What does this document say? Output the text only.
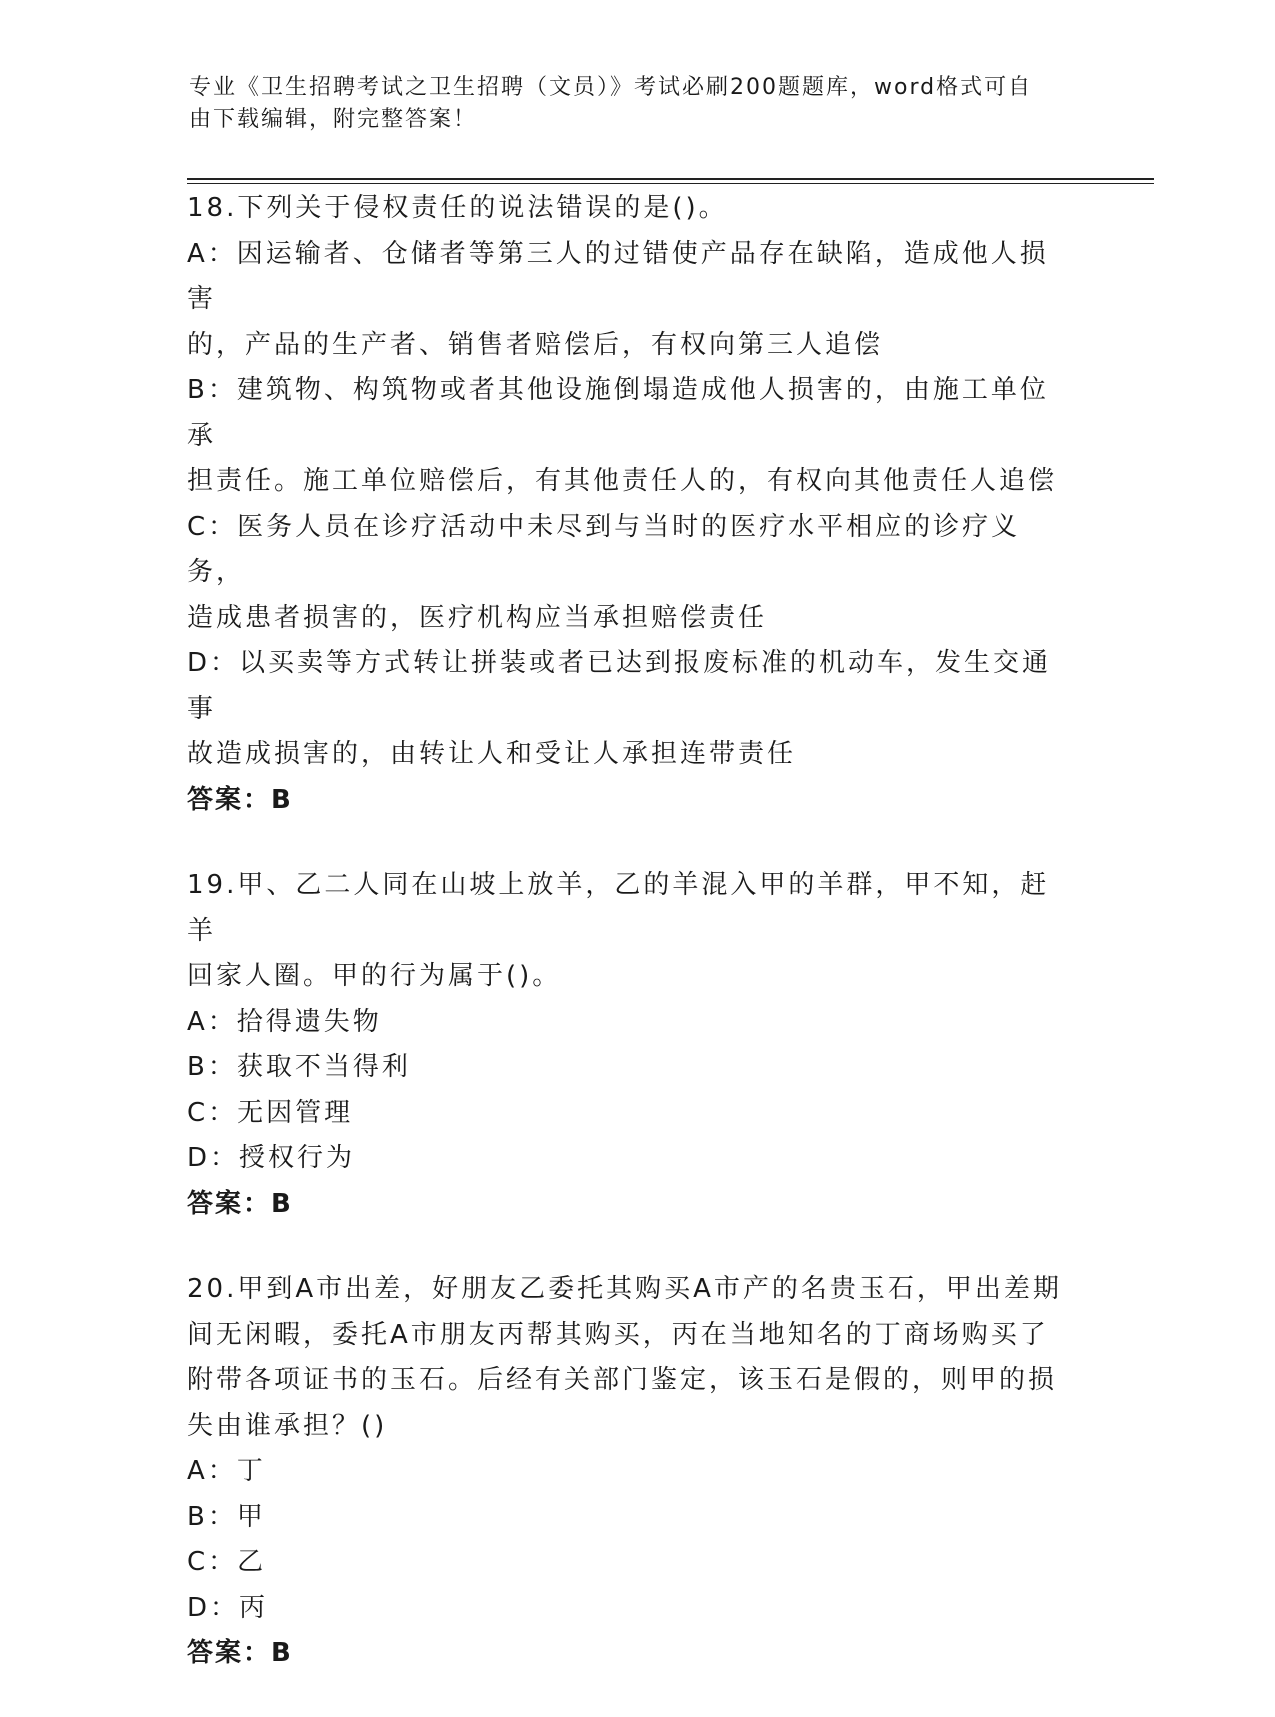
专业《卫生招聘考试之卫生招聘（文员）》考试必刷200题题库，word格式可自
由下载编辑，附完整答案！
18.下列关于侵权责任的说法错误的是()。
A：因运输者、仓储者等第三人的过错使产品存在缺陷，造成他人损害
的，产品的生产者、销售者赔偿后，有权向第三人追偿
B：建筑物、构筑物或者其他设施倒塌造成他人损害的，由施工单位承
担责任。施工单位赔偿后，有其他责任人的，有权向其他责任人追偿
C：医务人员在诊疗活动中未尽到与当时的医疗水平相应的诊疗义务，
造成患者损害的，医疗机构应当承担赔偿责任
D：以买卖等方式转让拼装或者已达到报废标准的机动车，发生交通事
故造成损害的，由转让人和受让人承担连带责任
答案：B
19.甲、乙二人同在山坡上放羊，乙的羊混入甲的羊群，甲不知，赶羊
回家人圈。甲的行为属于()。
A：拾得遗失物
B：获取不当得利
C：无因管理
D：授权行为
答案：B
20.甲到A市出差，好朋友乙委托其购买A市产的名贵玉石，甲出差期
间无闲暇，委托A市朋友丙帮其购买，丙在当地知名的丁商场购买了
附带各项证书的玉石。后经有关部门鉴定，该玉石是假的，则甲的损
失由谁承担？()
A：丁
B：甲
C：乙
D：丙
答案：B
